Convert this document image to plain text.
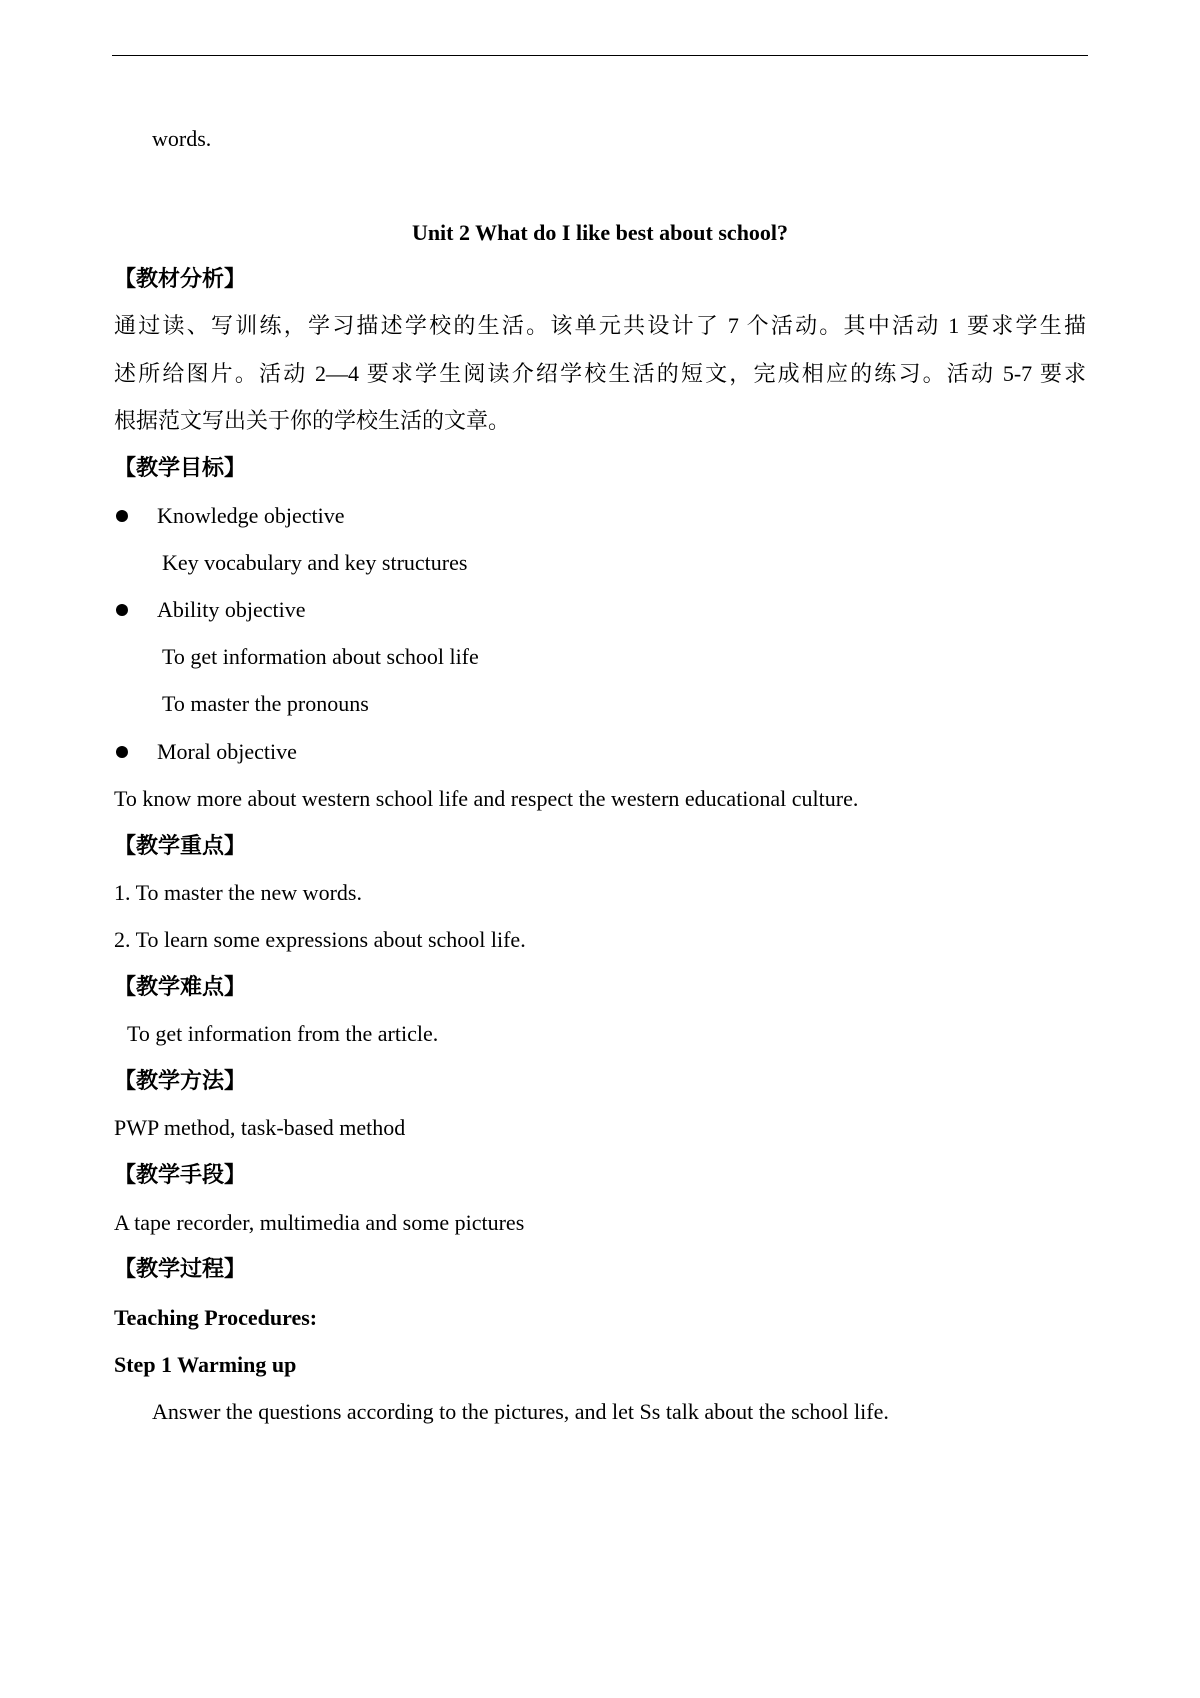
words.
Unit 2 What do I like best about school?
【教材分析】
通过读、写训练，学习描述学校的生活。该单元共设计了 7 个活动。其中活动 1 要求学生描
述所给图片。活动 2—4 要求学生阅读介绍学校生活的短文，完成相应的练习。活动 5-7 要求
根据范文写出关于你的学校生活的文章。
【教学目标】
Knowledge objective
Key vocabulary and key structures
Ability objective
To get information about school life
To master the pronouns
Moral objective
To know more about western school life and respect the western educational culture.
【教学重点】
1. To master the new words.
2. To learn some expressions about school life.
【教学难点】
To get information from the article.
【教学方法】
PWP method, task-based method
【教学手段】
A tape recorder, multimedia and some pictures
【教学过程】
Teaching Procedures:
Step 1 Warming up
Answer the questions according to the pictures, and let Ss talk about the school life.
